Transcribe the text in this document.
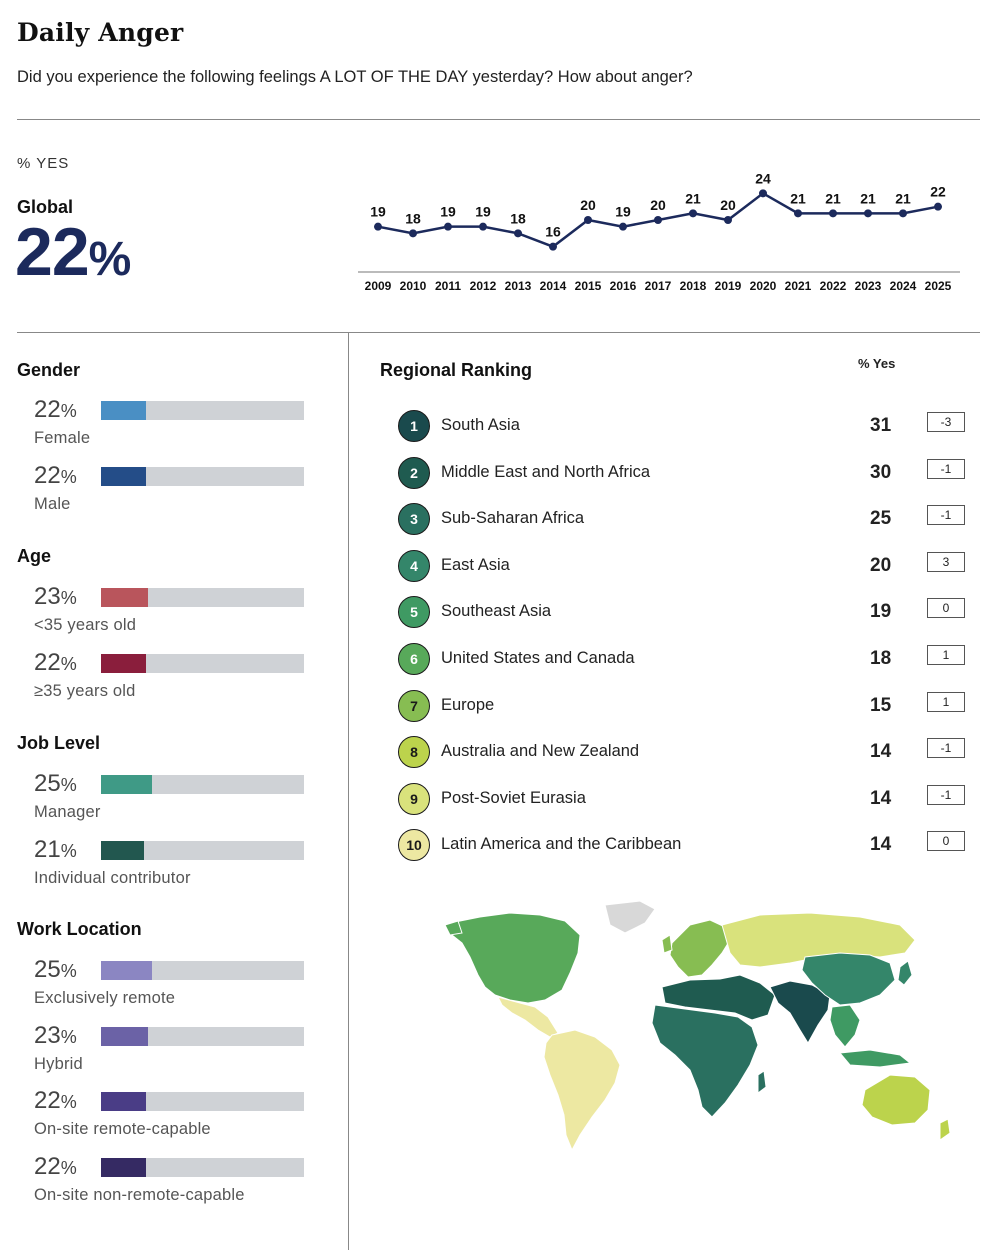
Daily Anger
Did you experience the following feelings A LOT OF THE DAY yesterday? How about anger?
% YES
Global
22%
19
2009
18
2010
19
2011
19
2012
18
2013
16
2014
20
2015
19
2016
20
2017
21
2018
20
2019
24
2020
21
2021
21
2022
21
2023
21
2024
22
2025
Gender
Age
Job Level
Work Location
22%
Female
22%
Male
23%
<35 years old
22%
≥35 years old
25%
Manager
21%
Individual contributor
25%
Exclusively remote
23%
Hybrid
22%
On-site remote-capable
22%
On-site non-remote-capable
Regional Ranking	% Yes
1	South Asia	31	-3
2	Middle East and North Africa	30	-1
3	Sub-Saharan Africa	25	-1
4	East Asia	20	3
5	Southeast Asia	19	0
6	United States and Canada	18	1
7	Europe	15	1
8	Australia and New Zealand	14	-1
9	Post-Soviet Eurasia	14	-1
10	Latin America and the Caribbean	14	0
